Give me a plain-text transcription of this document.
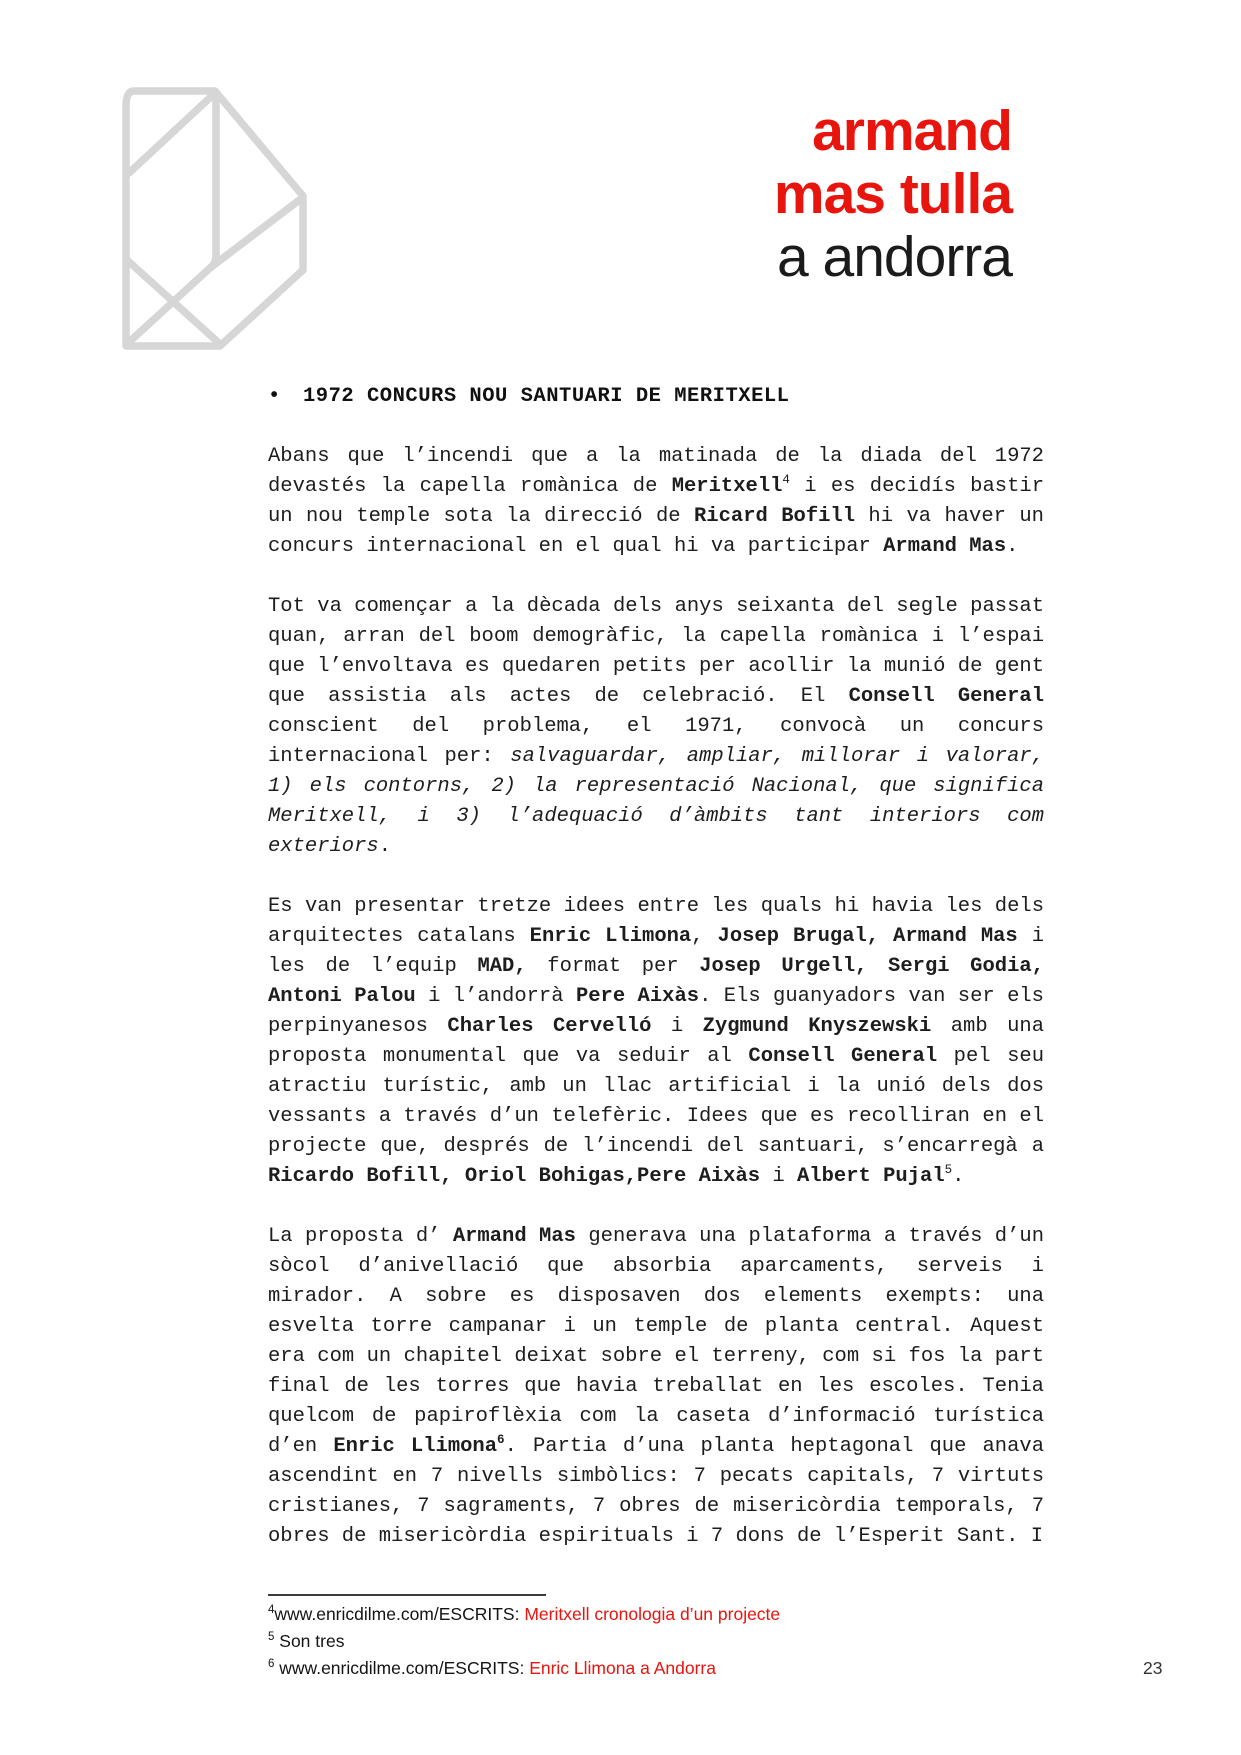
armand
mas tulla
a andorra
• 1972 CONCURS NOU SANTUARI DE MERITXELL

Abans que l’incendi que a la matinada de la diada del 1972 devastés la capella romànica de Meritxell$^4$ i es decidís bastir un nou temple sota la direcció de Ricard Bofill hi va haver un concurs internacional en el qual hi va participar Armand Mas.

Tot va començar a la dècada dels anys seixanta del segle passat quan, arran del boom demogràfic, la capella romànica i l’espai que l’envoltava es quedaren petits per acollir la munió de gent que assistia als actes de celebració. El Consell General conscient del problema, el 1971, convocà un concurs internacional per: salvaguardar, ampliar, millorar i valorar, 1) els contorns, 2) la representació Nacional, que significa Meritxell, i 3) l’adequació d’àmbits tant interiors com exteriors.

Es van presentar tretze idees entre les quals hi havia les dels arquitectes catalans Enric Llimona, Josep Brugal, Armand Mas i les de l’equip MAD, format per Josep Urgell, Sergi Godia, Antoni Palou i l’andorrà Pere Aixàs. Els guanyadors van ser els perpinyanesos Charles Cervelló i Zygmund Knyszewski amb una proposta monumental que va seduir al Consell General pel seu atractiu turístic, amb un llac artificial i la unió dels dos vessants a través d’un telefèric. Idees que es recolliran en el projecte que, després de l’incendi del santuari, s’encarregà a Ricardo Bofill, Oriol Bohigas,Pere Aixàs i Albert Pujal$^5$.

La proposta d’ Armand Mas generava una plataforma a través d’un sòcol d’anivellació que absorbia aparcaments, serveis i mirador. A sobre es disposaven dos elements exempts: una esvelta torre campanar i un temple de planta central. Aquest era com un chapitel deixat sobre el terreny, com si fos la part final de les torres que havia treballat en les escoles. Tenia quelcom de papiroflèxia com la caseta d’informació turística d’en Enric Llimona$^6$. Partia d’una planta heptagonal que anava ascendint en 7 nivells simbòlics: 7 pecats capitals, 7 virtuts cristianes, 7 sagraments, 7 obres de misericòrdia temporals, 7 obres de misericòrdia espirituals i 7 dons de l’Esperit Sant. I

$^4$www.enricdilme.com/ESCRITS: Meritxell cronologia d’un projecte
$^5$ Son tres
$^6$ www.enricdilme.com/ESCRITS: Enric Llimona a Andorra	23
